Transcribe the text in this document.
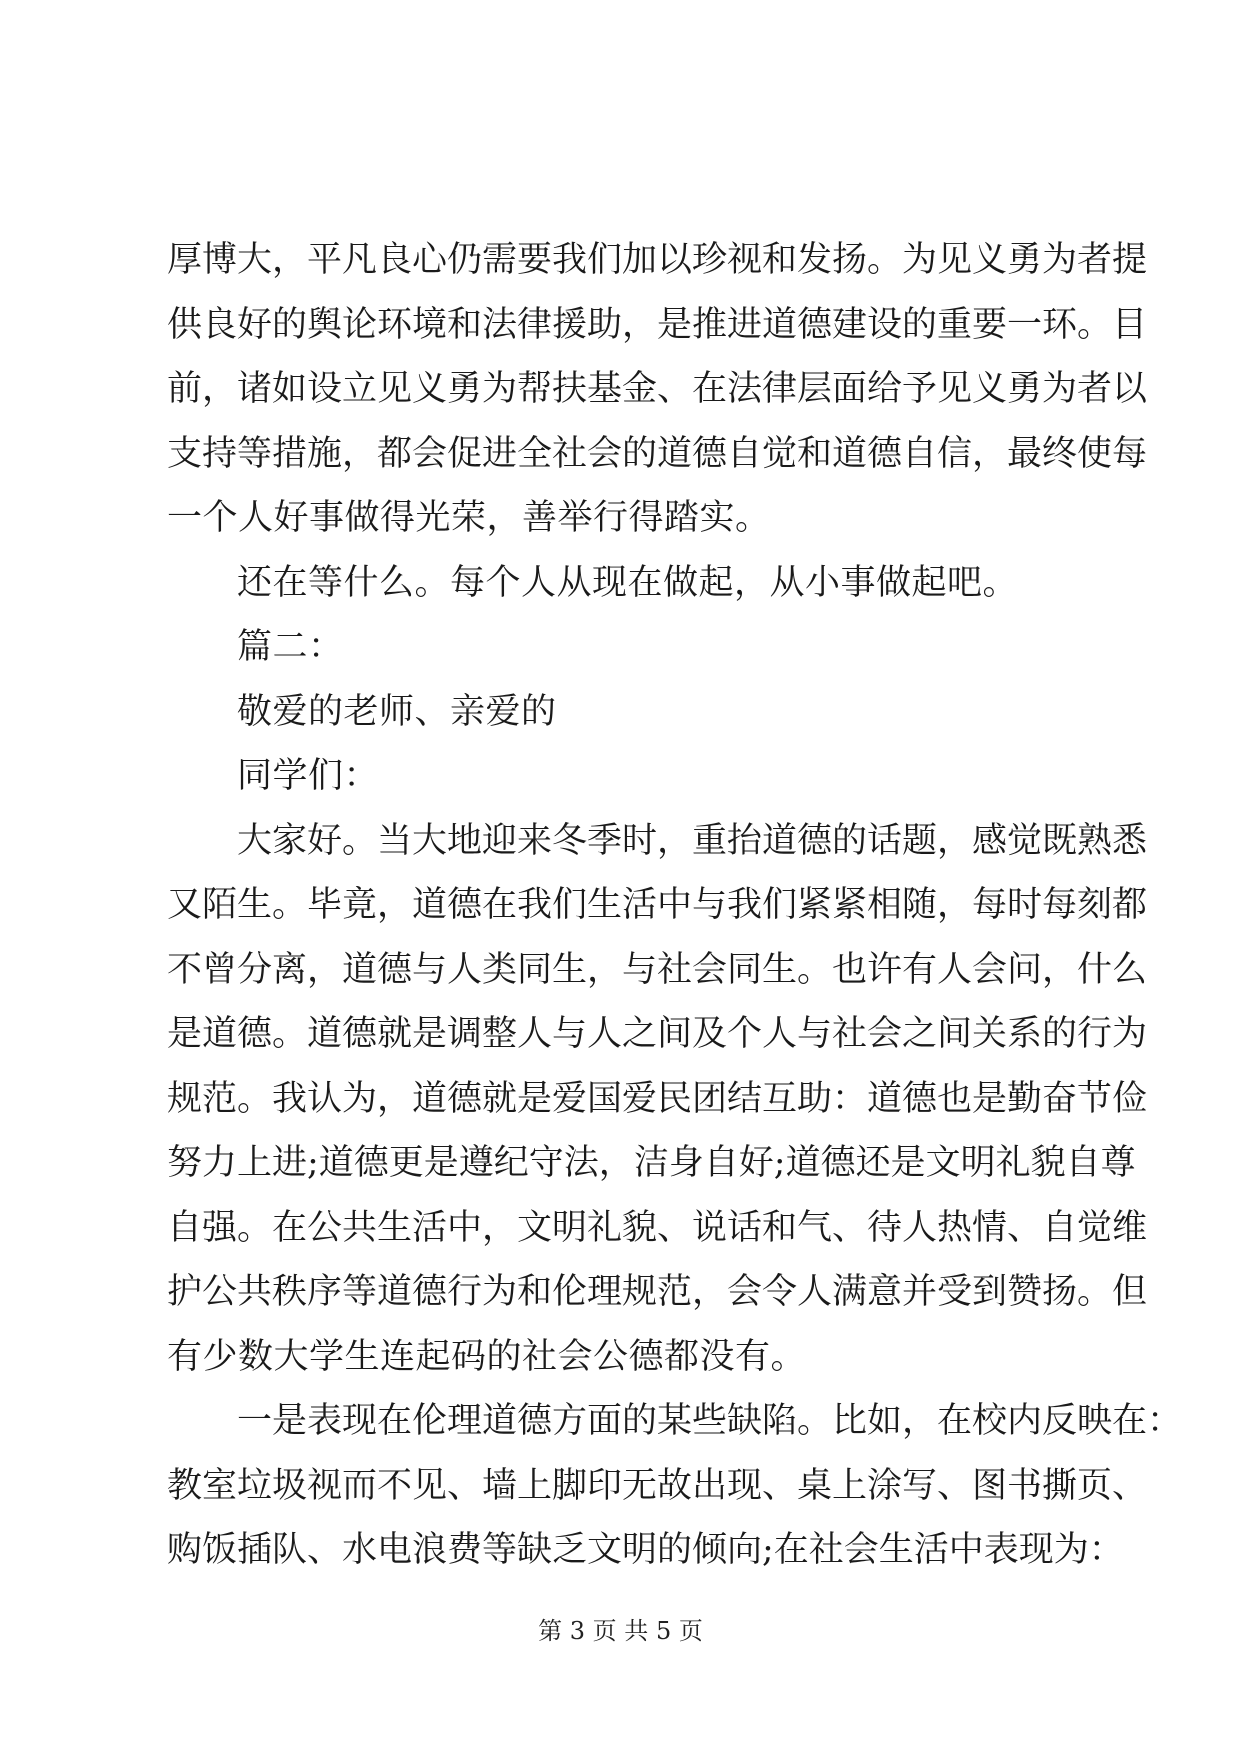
厚博大，平凡良心仍需要我们加以珍视和发扬。为见义勇为者提
供良好的舆论环境和法律援助，是推进道德建设的重要一环。目
前，诸如设立见义勇为帮扶基金、在法律层面给予见义勇为者以
支持等措施，都会促进全社会的道德自觉和道德自信，最终使每
一个人好事做得光荣，善举行得踏实。
还在等什么。每个人从现在做起，从小事做起吧。
篇二：
敬爱的老师、亲爱的
同学们：
大家好。当大地迎来冬季时，重抬道德的话题，感觉既熟悉
又陌生。毕竟，道德在我们生活中与我们紧紧相随，每时每刻都
不曾分离，道德与人类同生，与社会同生。也许有人会问，什么
是道德。道德就是调整人与人之间及个人与社会之间关系的行为
规范。我认为，道德就是爱国爱民团结互助：道德也是勤奋节俭
努力上进;道德更是遵纪守法，洁身自好;道德还是文明礼貌自尊
自强。在公共生活中，文明礼貌、说话和气、待人热情、自觉维
护公共秩序等道德行为和伦理规范，会令人满意并受到赞扬。但
有少数大学生连起码的社会公德都没有。
一是表现在伦理道德方面的某些缺陷。比如，在校内反映在：
教室垃圾视而不见、墙上脚印无故出现、桌上涂写、图书撕页、
购饭插队、水电浪费等缺乏文明的倾向;在社会生活中表现为：
第 3 页 共 5 页
